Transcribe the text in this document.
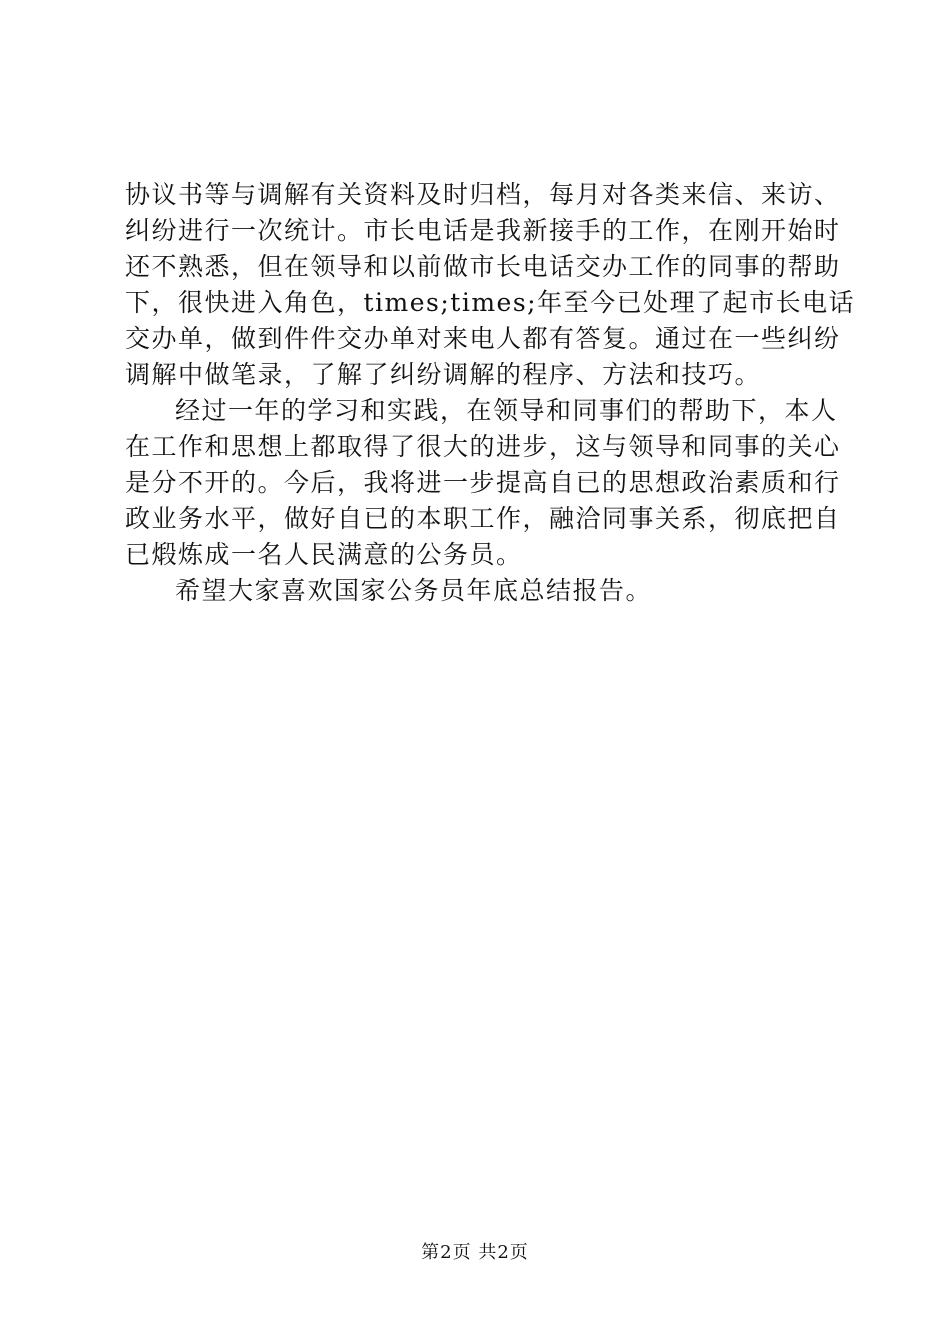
协议书等与调解有关资料及时归档，每月对各类来信、来访、
纠纷进行一次统计。市长电话是我新接手的工作，在刚开始时
还不熟悉，但在领导和以前做市长电话交办工作的同事的帮助
下，很快进入角色，times;times;年至今已处理了起市长电话
交办单，做到件件交办单对来电人都有答复。通过在一些纠纷
调解中做笔录，了解了纠纷调解的程序、方法和技巧。
经过一年的学习和实践，在领导和同事们的帮助下，本人
在工作和思想上都取得了很大的进步，这与领导和同事的关心
是分不开的。今后，我将进一步提高自已的思想政治素质和行
政业务水平，做好自已的本职工作，融洽同事关系，彻底把自
已煅炼成一名人民满意的公务员。
希望大家喜欢国家公务员年底总结报告。
第2页 共2页
